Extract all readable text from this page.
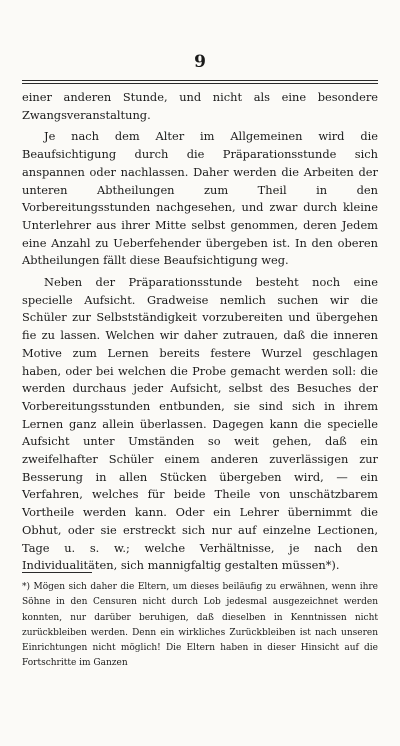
9

einer anderen Stunde, und nicht als eine besondere Zwangsveranstaltung.

Je nach dem Alter im Allgemeinen wird die Beaufsichtigung durch die Präparationsstunde sich anspannen oder nachlassen. Daher werden die Arbeiten der unteren Abtheilungen zum Theil in den Vorbereitungsstunden nachgesehen, und zwar durch kleine Unterlehrer aus ihrer Mitte selbst genommen, deren Jedem eine Anzahl zu Ueberfehender übergeben ist. In den oberen Abtheilungen fällt diese Beaufsichtigung weg.

Neben der Präparationsstunde besteht noch eine specielle Aufsicht. Gradweise nemlich suchen wir die Schüler zur Selbstständigkeit vorzubereiten und übergehen fie zu lassen. Welchen wir daher zutrauen, daß die inneren Motive zum Lernen bereits festere Wurzel geschlagen haben, oder bei welchen die Probe gemacht werden soll: die werden durchaus jeder Aufsicht, selbst des Besuches der Vorbereitungsstunden entbunden, sie sind sich in ihrem Lernen ganz allein überlassen. Dagegen kann die specielle Aufsicht unter Umständen so weit gehen, daß ein zweifelhafter Schüler einem anderen zuverlässigen zur Besserung in allen Stücken übergeben wird, — ein Verfahren, welches für beide Theile von unschätzbarem Vortheile werden kann. Oder ein Lehrer übernimmt die Obhut, oder sie erstreckt sich nur auf einzelne Lectionen, Tage u. s. w.; welche Verhältnisse, je nach den Individualitäten, sich mannigfaltig gestalten müssen*).

*) Mögen sich daher die Eltern, um dieses beiläufig zu erwähnen, wenn ihre Söhne in den Censuren nicht durch Lob jedesmal ausgezeichnet werden konnten, nur darüber beruhigen, daß dieselben in Kenntnissen nicht zurückbleiben werden. Denn ein wirkliches Zurückbleiben ist nach unseren Einrichtungen nicht möglich! Die Eltern haben in dieser Hinsicht auf die Fortschritte im Ganzen
